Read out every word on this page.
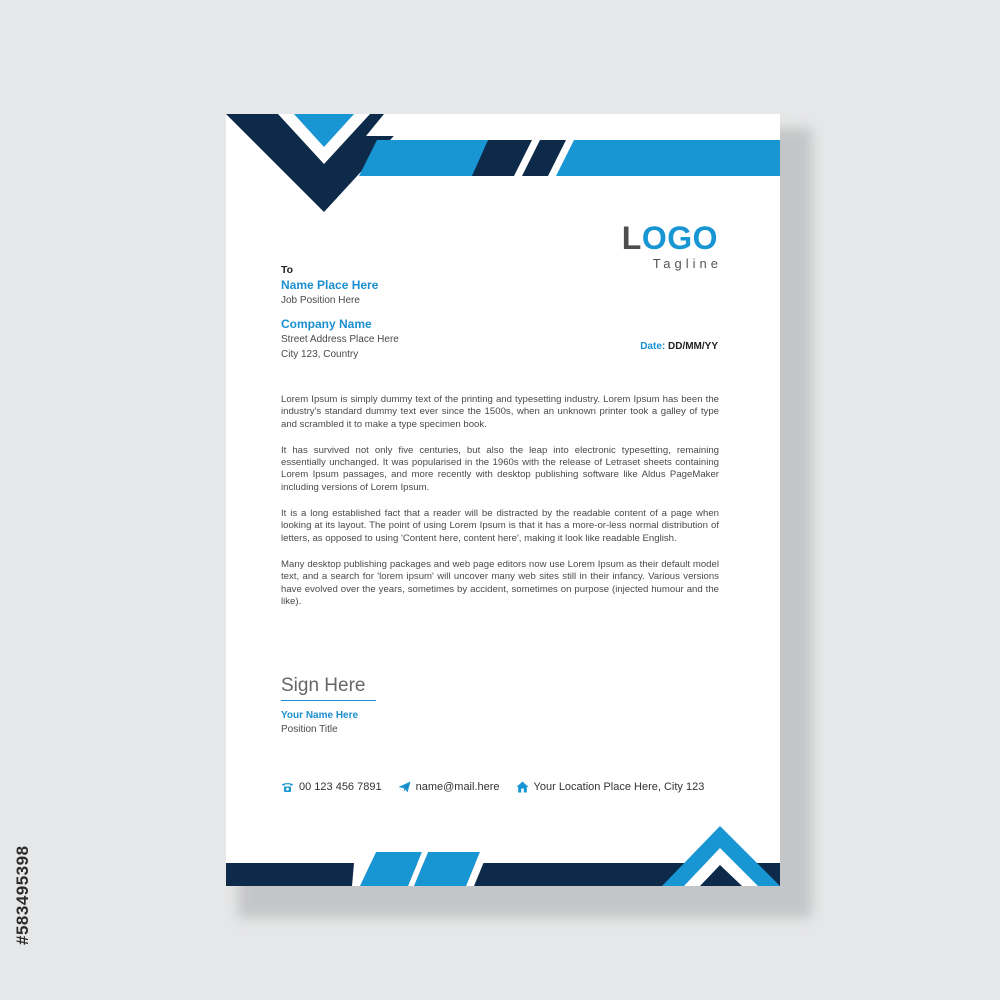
LOGO
Tagline
To
Name Place Here
Job Position Here
Company Name
Street Address Place Here
City 123, Country
Date: DD/MM/YY

Lorem Ipsum is simply dummy text of the printing and typesetting industry. Lorem Ipsum has been the industry's standard dummy text ever since the 1500s, when an unknown printer took a galley of type and scrambled it to make a type specimen book.

It has survived not only five centuries, but also the leap into electronic typesetting, remaining essentially unchanged. It was popularised in the 1960s with the release of Letraset sheets containing Lorem Ipsum passages, and more recently with desktop publishing software like Aldus PageMaker including versions of Lorem Ipsum.

It is a long established fact that a reader will be distracted by the readable content of a page when looking at its layout. The point of using Lorem Ipsum is that it has a more-or-less normal distribution of letters, as opposed to using 'Content here, content here', making it look like readable English.

Many desktop publishing packages and web page editors now use Lorem Ipsum as their default model text, and a search for 'lorem ipsum' will uncover many web sites still in their infancy. Various versions have evolved over the years, sometimes by accident, sometimes on purpose (injected humour and the like).

Sign Here
Your Name Here
Position Title
00 123 456 7891	name@mail.here	Your Location Place Here, City 123
#583495398
